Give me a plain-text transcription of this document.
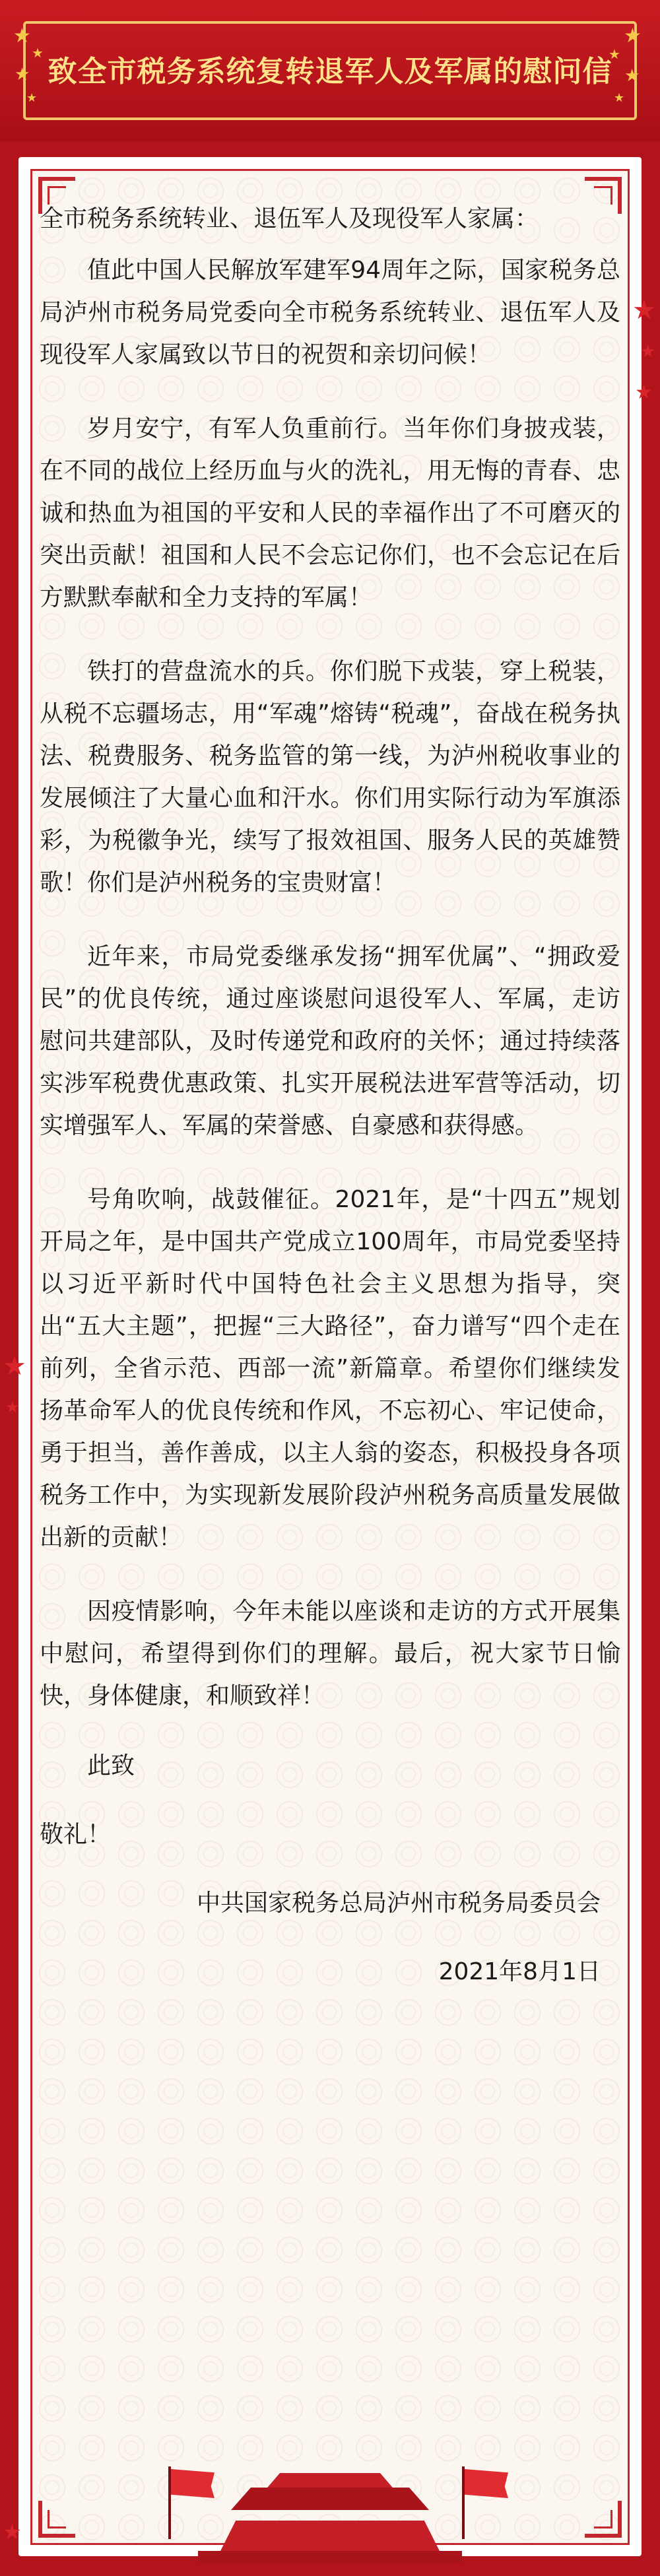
★
★
★
★
★
★
★
★
致全市税务系统复转退军人及军属的慰问信
★
★
★
★
★
★

全市税务系统转业、退伍军人及现役军人家属：

值此中国人民解放军建军94周年之际，国家税务总局泸州市税务局党委向全市税务系统转业、退伍军人及现役军人家属致以节日的祝贺和亲切问候！

岁月安宁，有军人负重前行。当年你们身披戎装，在不同的战位上经历血与火的洗礼，用无悔的青春、忠诚和热血为祖国的平安和人民的幸福作出了不可磨灭的突出贡献！祖国和人民不会忘记你们，也不会忘记在后方默默奉献和全力支持的军属！

铁打的营盘流水的兵。你们脱下戎装，穿上税装，从税不忘疆场志，用“军魂”熔铸“税魂”，奋战在税务执法、税费服务、税务监管的第一线，为泸州税收事业的发展倾注了大量心血和汗水。你们用实际行动为军旗添彩，为税徽争光，续写了报效祖国、服务人民的英雄赞歌！你们是泸州税务的宝贵财富！

近年来，市局党委继承发扬“拥军优属”、“拥政爱民”的优良传统，通过座谈慰问退役军人、军属，走访慰问共建部队，及时传递党和政府的关怀；通过持续落实涉军税费优惠政策、扎实开展税法进军营等活动，切实增强军人、军属的荣誉感、自豪感和获得感。

号角吹响，战鼓催征。2021年，是“十四五”规划开局之年，是中国共产党成立100周年，市局党委坚持以习近平新时代中国特色社会主义思想为指导，突出“五大主题”，把握“三大路径”，奋力谱写“四个走在前列，全省示范、西部一流”新篇章。希望你们继续发扬革命军人的优良传统和作风，不忘初心、牢记使命，勇于担当，善作善成，以主人翁的姿态，积极投身各项税务工作中，为实现新发展阶段泸州税务高质量发展做出新的贡献！

因疫情影响，今年未能以座谈和走访的方式开展集中慰问，希望得到你们的理解。最后，祝大家节日愉快，身体健康，和顺致祥！

此致

敬礼！

中共国家税务总局泸州市税务局委员会

2021年8月1日
